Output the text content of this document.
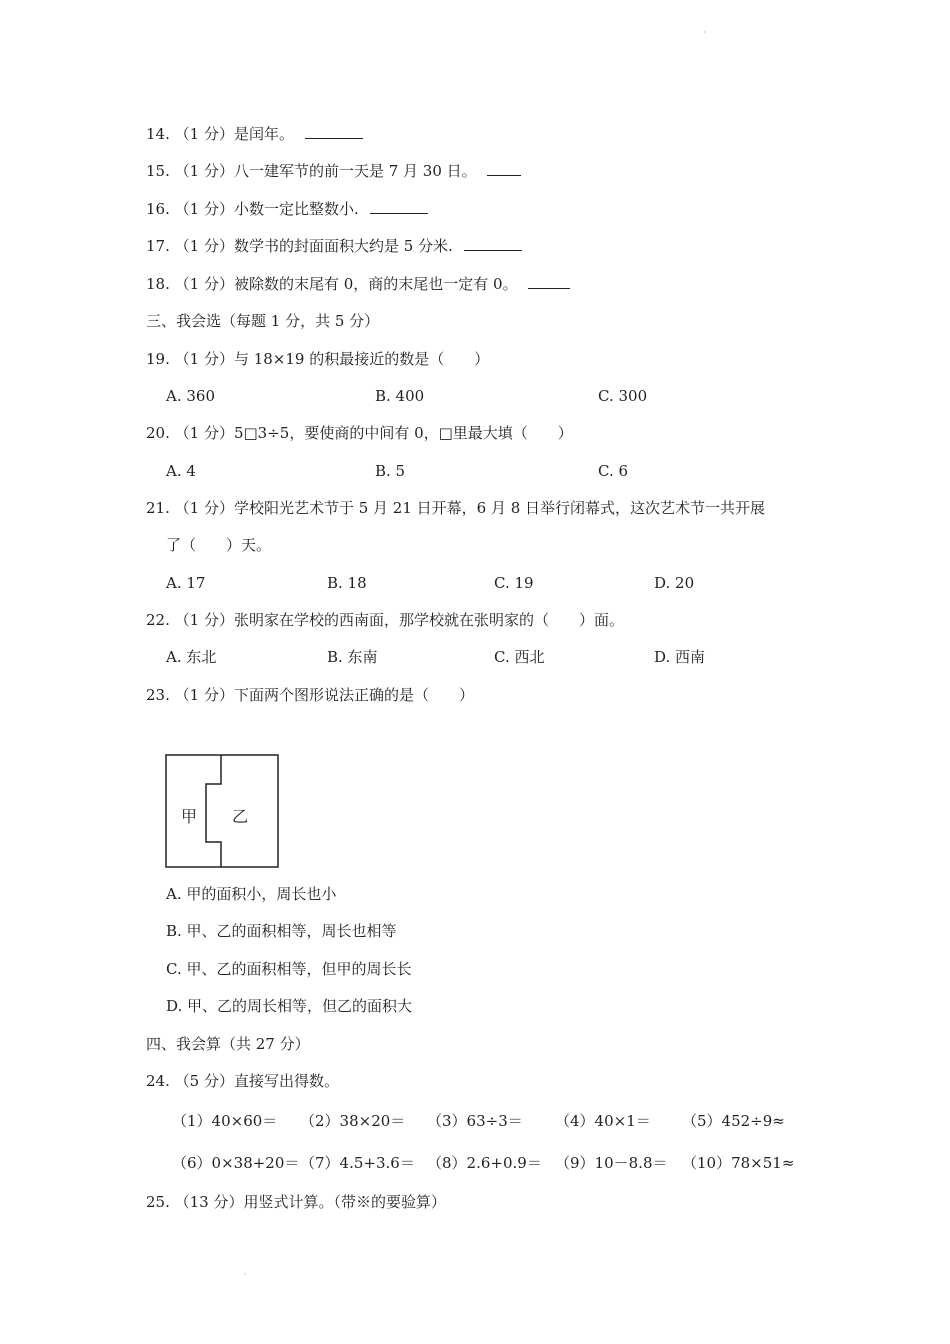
'
14. （1 分）是闰年。
15. （1 分）八一建军节的前一天是 7 月 30 日。
16. （1 分）小数一定比整数小.
17. （1 分）数学书的封面面积大约是 5 分米.
18. （1 分）被除数的末尾有 0，商的末尾也一定有 0。
三、我会选（每题 1 分，共 5 分）
19. （1 分）与 18×19 的积最接近的数是（　　）
A. 360	B. 400	C. 300
20. （1 分）5□3÷5，要使商的中间有 0，□里最大填（　　）
A. 4	B. 5	C. 6
21. （1 分）学校阳光艺术节于 5 月 21 日开幕，6 月 8 日举行闭幕式，这次艺术节一共开展
了（　　）天。
A. 17	B. 18	C. 19	D. 20
22. （1 分）张明家在学校的西南面，那学校就在张明家的（　　）面。
A. 东北	B. 东南	C. 西北	D. 西南
23. （1 分）下面两个图形说法正确的是（　　）
甲 乙
A. 甲的面积小，周长也小
B. 甲、乙的面积相等，周长也相等
C. 甲、乙的面积相等，但甲的周长长
D. 甲、乙的周长相等，但乙的面积大
四、我会算（共 27 分）
24. （5 分）直接写出得数。
（1）40×60＝ （2）38×20＝ （3）63÷3＝ （4）40×1＝ （5）452÷9≈
（6）0×38+20＝ （7）4.5+3.6＝ （8）2.6+0.9＝ （9）10－8.8＝ （10）78×51≈
25. （13 分）用竖式计算。（带※的要验算）
·
